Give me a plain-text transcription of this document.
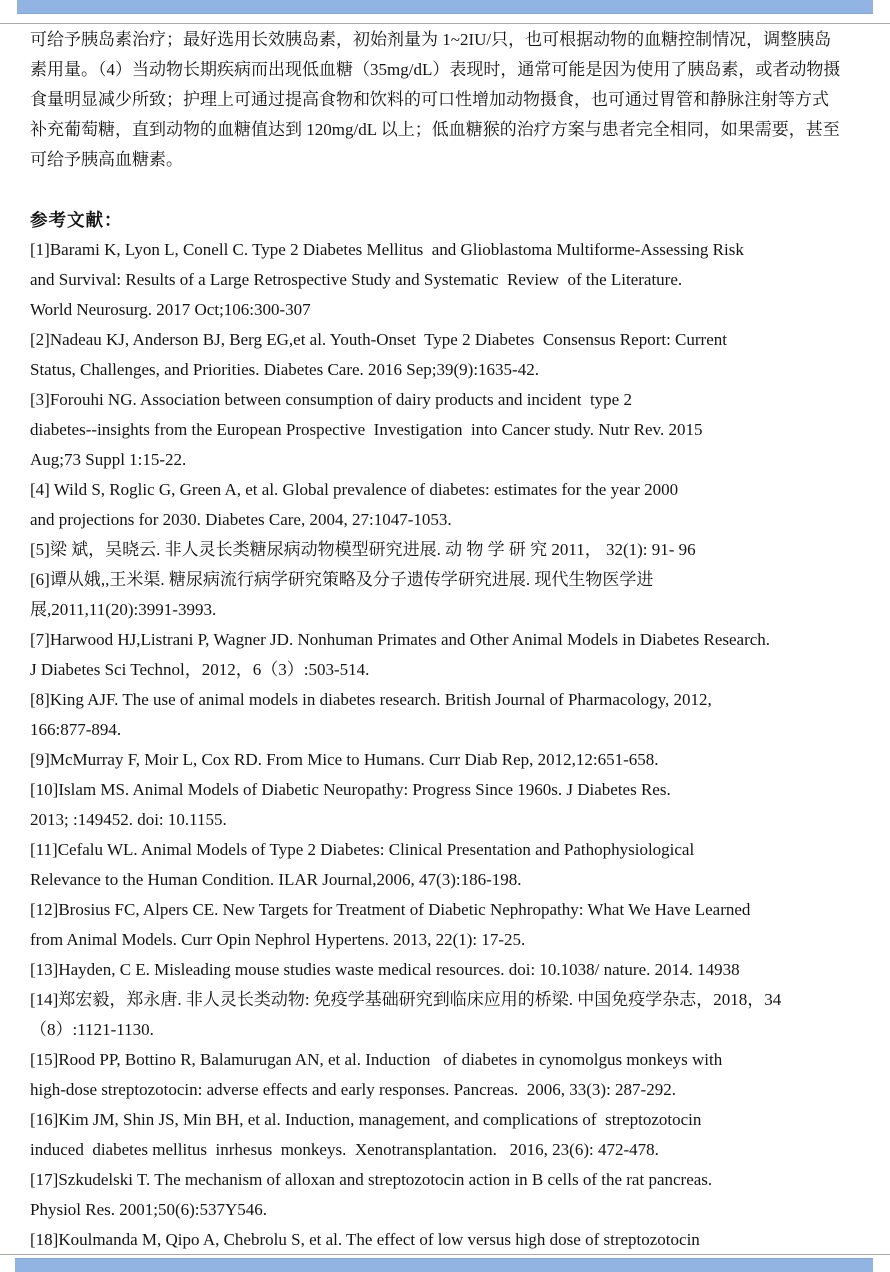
可给予胰岛素治疗；最好选用长效胰岛素，初始剂量为 1~2IU/只，也可根据动物的血糖控制情况，调整胰岛
素用量。（4）当动物长期疾病而出现低血糖（35mg/dL）表现时，通常可能是因为使用了胰岛素，或者动物摄
食量明显减少所致；护理上可通过提高食物和饮料的可口性增加动物摄食，也可通过胃管和静脉注射等方式
补充葡萄糖，直到动物的血糖值达到 120mg/dL 以上；低血糖猴的治疗方案与患者完全相同，如果需要，甚至
可给予胰高血糖素。
参考文献：
[1]Barami K, Lyon L, Conell C. Type 2 Diabetes Mellitus  and Glioblastoma Multiforme-Assessing Risk
and Survival: Results of a Large Retrospective Study and Systematic  Review  of the Literature.
World Neurosurg. 2017 Oct;106:300-307
[2]Nadeau KJ, Anderson BJ, Berg EG,et al. Youth-Onset  Type 2 Diabetes  Consensus Report: Current
Status, Challenges, and Priorities. Diabetes Care. 2016 Sep;39(9):1635-42.
[3]Forouhi NG. Association between consumption of dairy products and incident  type 2
diabetes--insights from the European Prospective  Investigation  into Cancer study. Nutr Rev. 2015
Aug;73 Suppl 1:15-22.
[4] Wild S, Roglic G, Green A, et al. Global prevalence of diabetes: estimates for the year 2000
and projections for 2030. Diabetes Care, 2004, 27:1047-1053.
[5]梁 斌，吴晓云. 非人灵长类糖尿病动物模型研究进展. 动 物 学 研 究 2011， 32(1): 91- 96
[6]谭从娥,,王米渠. 糖尿病流行病学研究策略及分子遗传学研究进展. 现代生物医学进
展,2011,11(20):3991-3993.
[7]Harwood HJ,Listrani P, Wagner JD. Nonhuman Primates and Other Animal Models in Diabetes Research.
J Diabetes Sci Technol，2012，6（3）:503-514.
[8]King AJF. The use of animal models in diabetes research. British Journal of Pharmacology, 2012,
166:877‐894.
[9]McMurray F, Moir L, Cox RD. From Mice to Humans. Curr Diab Rep, 2012,12:651‐658.
[10]Islam MS. Animal Models of Diabetic Neuropathy: Progress Since 1960s. J Diabetes Res.
2013; :149452. doi: 10.1155.
[11]Cefalu WL. Animal Models of Type 2 Diabetes: Clinical Presentation and Pathophysiological
Relevance to the Human Condition. ILAR Journal,2006, 47(3):186-198.
[12]Brosius FC, Alpers CE. New Targets for Treatment of Diabetic Nephropathy: What We Have Learned
from Animal Models. Curr Opin Nephrol Hypertens. 2013, 22(1): 17‐25.
[13]Hayden, C E. Misleading mouse studies waste medical resources. doi: 10.1038/ nature. 2014. 14938
[14]郑宏毅，郑永唐. 非人灵长类动物: 免疫学基础研究到临床应用的桥梁. 中国免疫学杂志，2018，34
（8）:1121-1130.
[15]Rood PP, Bottino R, Balamurugan AN, et al. Induction   of diabetes in cynomolgus monkeys with
high-dose streptozotocin: adverse effects and early responses. Pancreas.  2006, 33(3): 287-292.
[16]Kim JM, Shin JS, Min BH, et al. Induction, management, and complications of  streptozotocin
induced  diabetes mellitus  inrhesus  monkeys.  Xenotransplantation.   2016, 23(6): 472-478.
[17]Szkudelski T. The mechanism of alloxan and streptozotocin action in B cells of the rat pancreas.
Physiol Res. 2001;50(6):537Y546.
[18]Koulmanda M, Qipo A, Chebrolu S, et al. The effect of low versus high dose of streptozotocin
